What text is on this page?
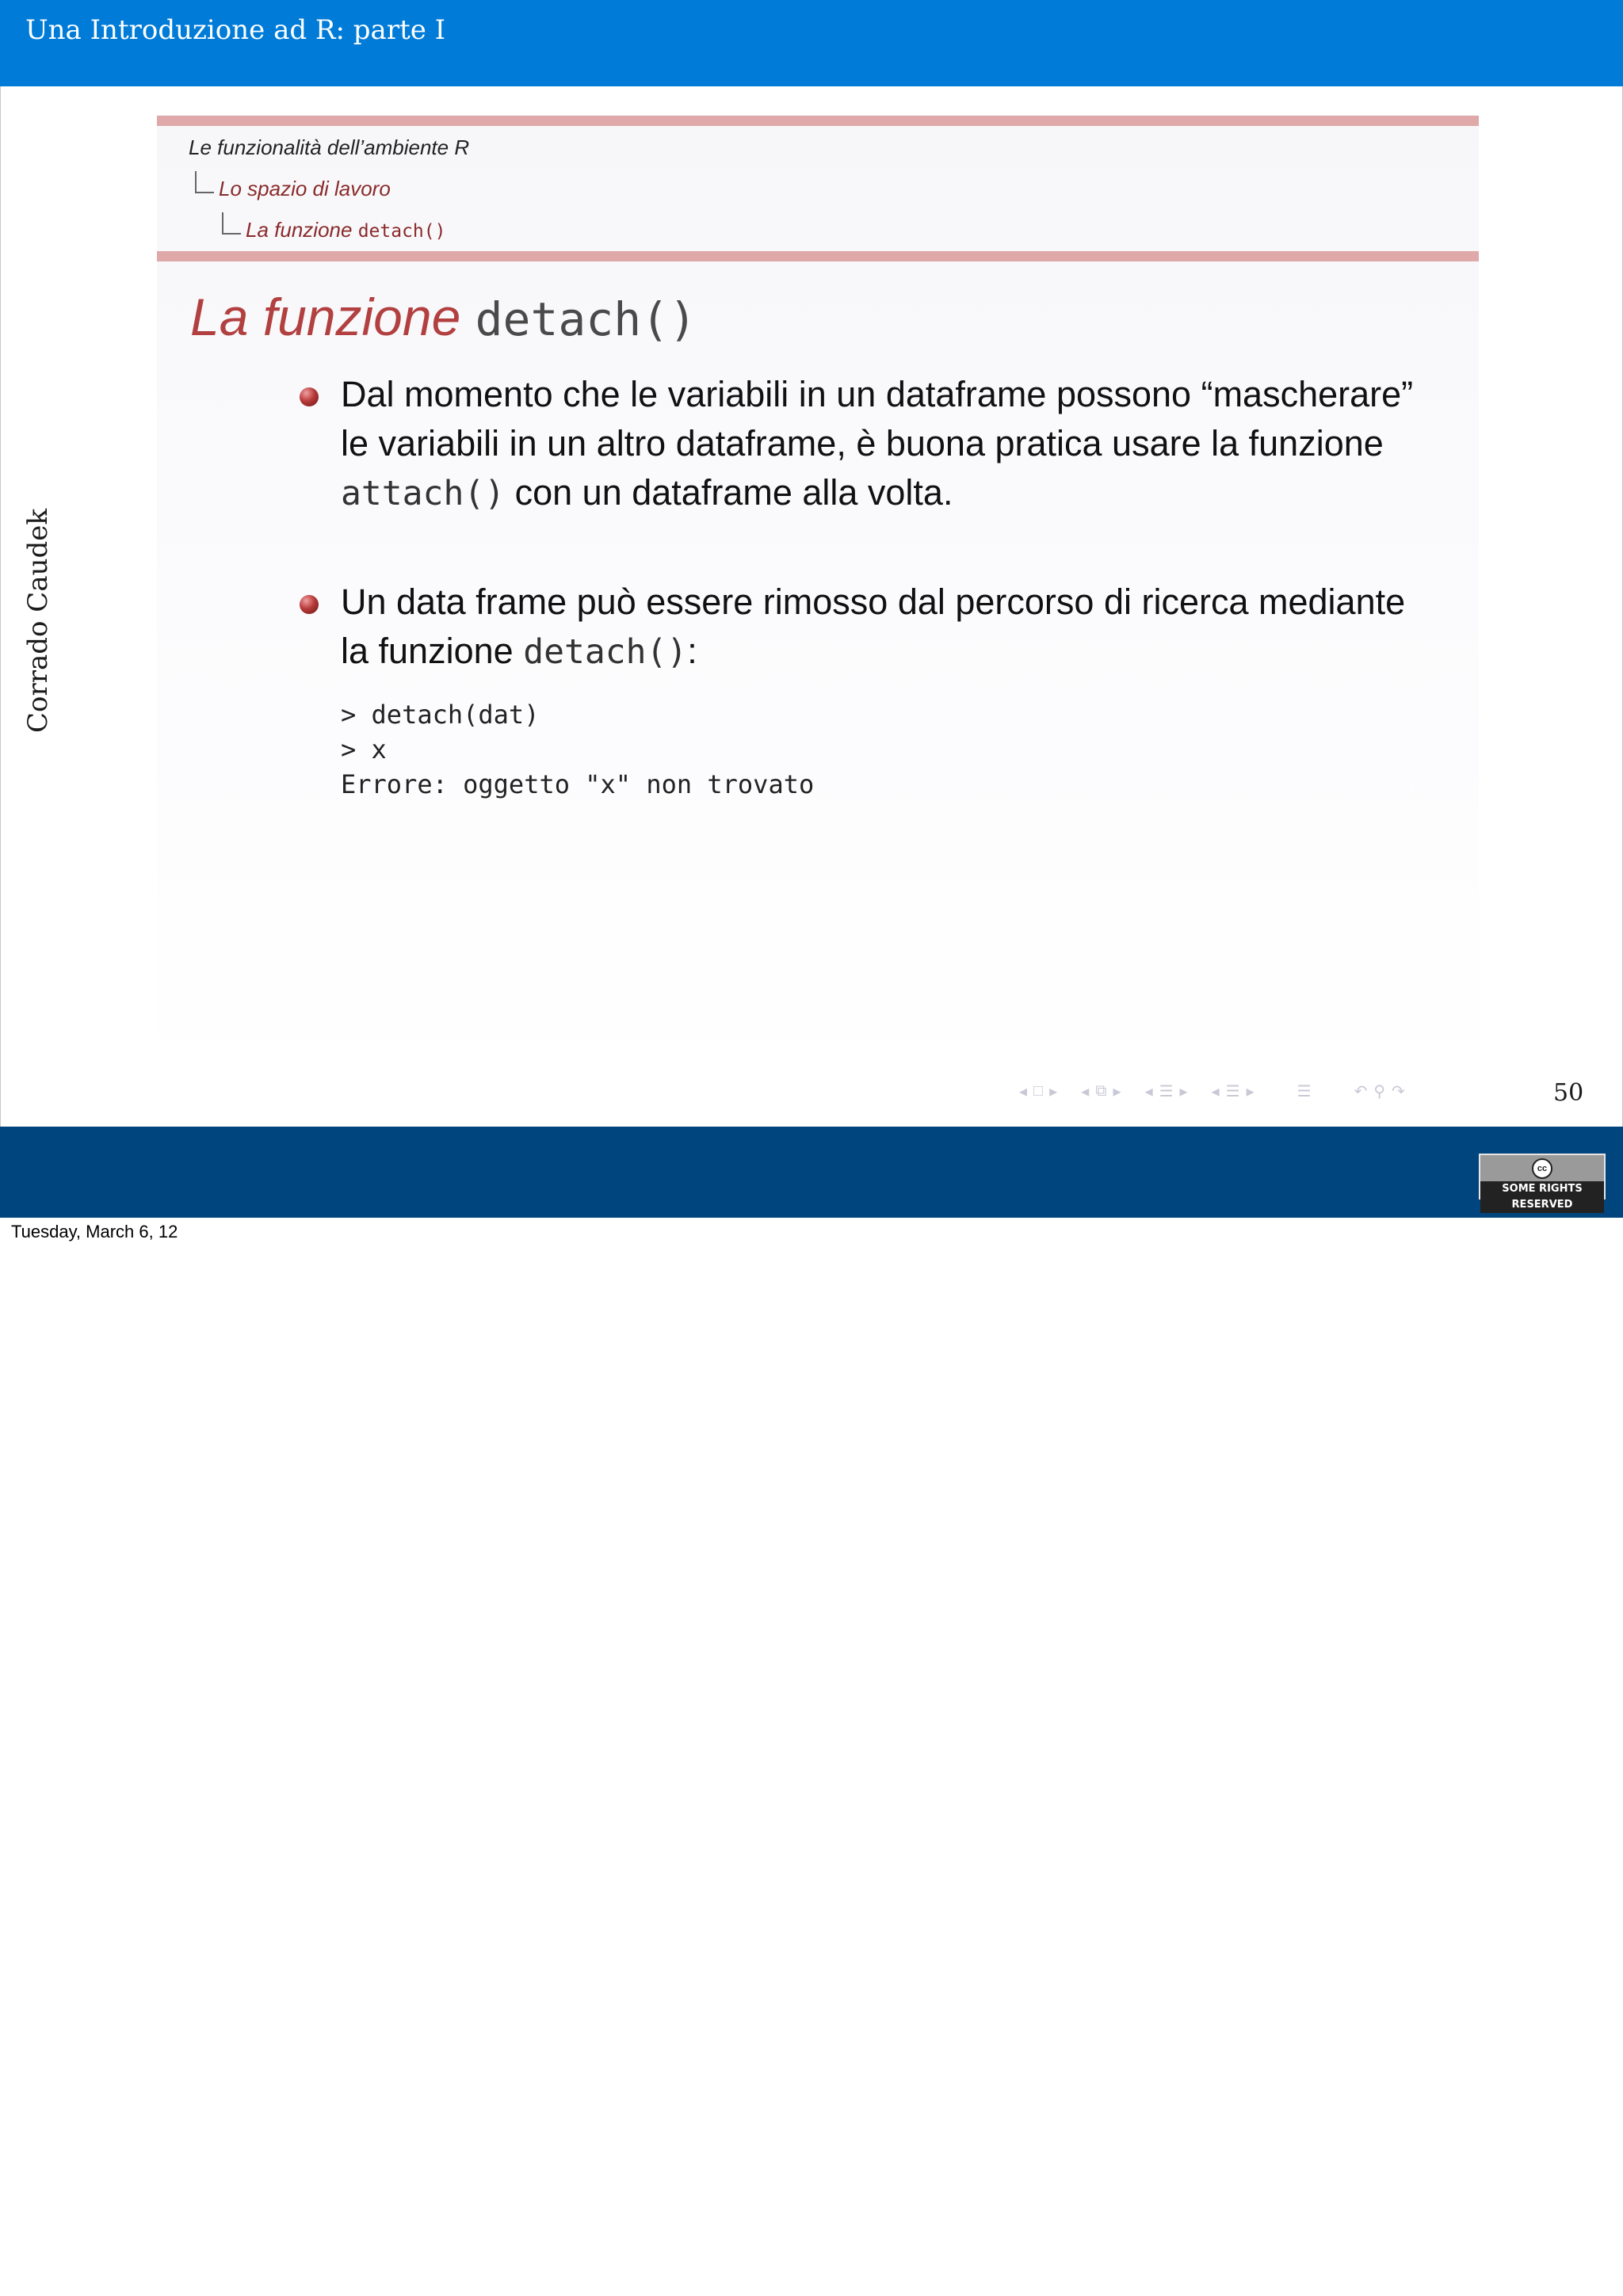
Una Introduzione ad R: parte I
Corrado Caudek
Le funzionalità dell’ambiente R
Lo spazio di lavoro
La funzione detach()
La funzione detach()
Dal momento che le variabili in un dataframe possono “mascherare” le variabili in un altro dataframe, è buona pratica usare la funzione attach() con un dataframe alla volta.
Un data frame può essere rimosso dal percorso di ricerca mediante la funzione detach():
> detach(dat)
> x
Errore: oggetto "x" non trovato
◂ □ ▸ ◂ ⧉ ▸ ◂ ☰ ▸ ◂ ☰ ▸	☰	↶ ⚲ ↷	50
Riccardo Rigon, Matteo Dall’Amico
cc
SOME RIGHTS RESERVED
Tuesday, March 6, 12
